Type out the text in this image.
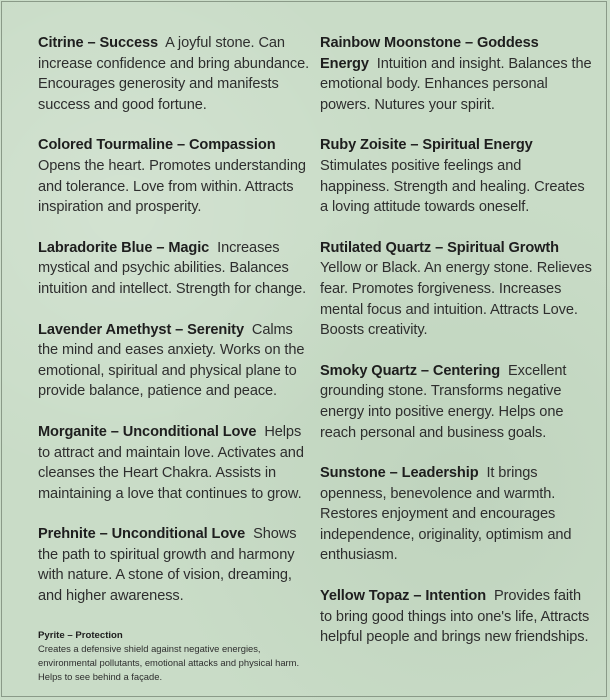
Citrine – Success A joyful stone. Can increase confidence and bring abundance. Encourages generosity and manifests success and good fortune.

Colored Tourmaline – Compassion
Opens the heart. Promotes understanding and tolerance. Love from within. Attracts inspiration and prosperity.

Labradorite Blue – Magic Increases mystical and psychic abilities. Balances intuition and intellect. Strength for change.

Lavender Amethyst – Serenity Calms the mind and eases anxiety. Works on the emotional, spiritual and physical plane to provide balance, patience and peace.

Morganite – Unconditional Love Helps to attract and maintain love. Activates and cleanses the Heart Chakra. Assists in maintaining a love that continues to grow.

Prehnite – Unconditional Love Shows the path to spiritual growth and harmony with nature. A stone of vision, dreaming, and higher awareness.

Pyrite – Protection
Creates a defensive shield against negative energies, environmental pollutants, emotional attacks and physical harm. Helps to see behind a façade.

Rainbow Moonstone – Goddess Energy Intuition and insight. Balances the emotional body. Enhances personal powers. Nutures your spirit.

Ruby Zoisite – Spiritual Energy
Stimulates positive feelings and happiness. Strength and healing. Creates a loving attitude towards oneself.

Rutilated Quartz – Spiritual Growth
Yellow or Black. An energy stone. Relieves fear. Promotes forgiveness. Increases mental focus and intuition. Attracts Love. Boosts creativity.

Smoky Quartz – Centering Excellent grounding stone. Transforms negative energy into positive energy. Helps one reach personal and business goals.

Sunstone – Leadership It brings openness, benevolence and warmth. Restores enjoyment and encourages independence, originality, optimism and enthusiasm.

Yellow Topaz – Intention Provides faith to bring good things into one's life, Attracts helpful people and brings new friendships.
